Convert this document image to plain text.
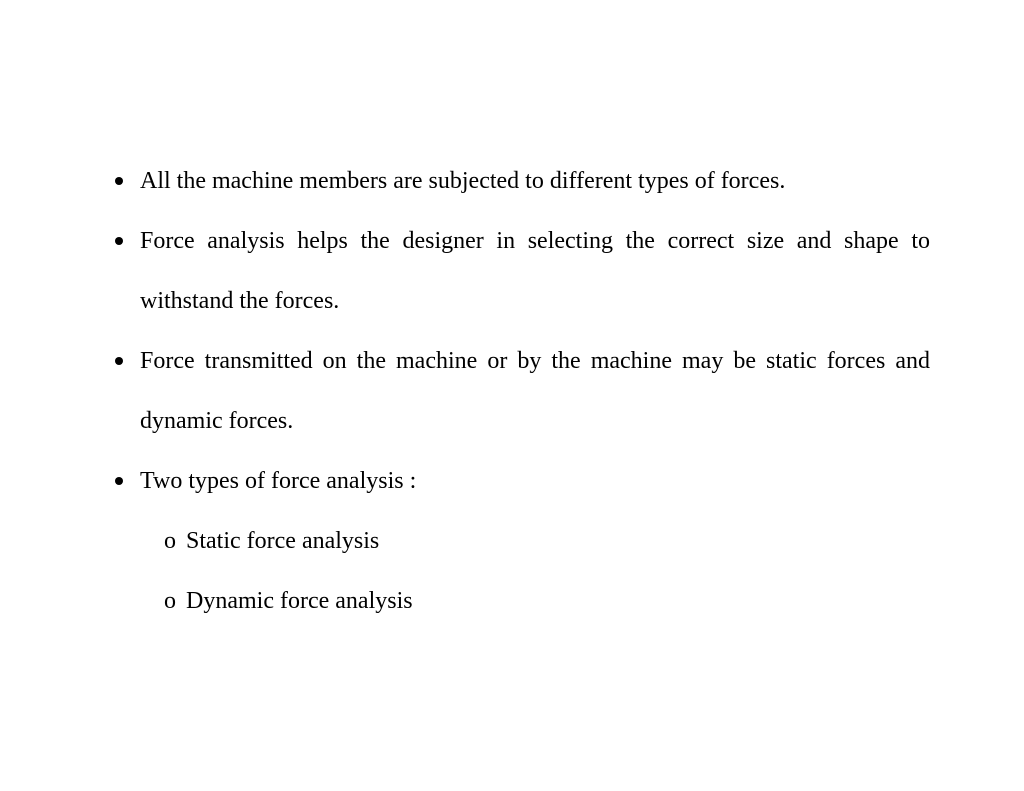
All the machine members are subjected to different types of forces.
Force analysis helps the designer in selecting the correct size and shape to withstand the forces.
Force transmitted on the machine or by the machine may be static forces and dynamic forces.
Two types of force analysis :
o Static force analysis
o Dynamic force analysis
